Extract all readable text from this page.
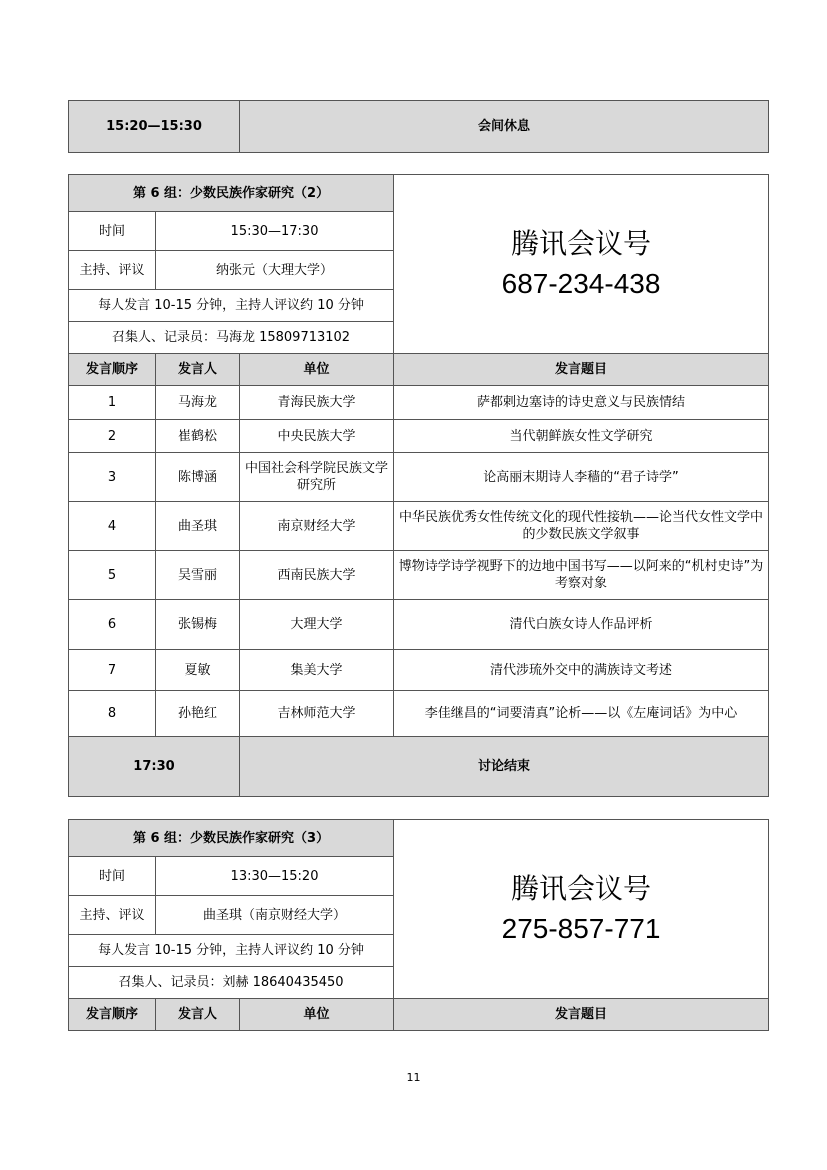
15:20—15:30	会间休息
第 6 组：少数民族作家研究（2）			腾讯会议号
687-234-438

时间	15:30—17:30		
主持、评议	纳张元（大理大学）		
每人发言 10-15 分钟，主持人评议约 10 分钟			
召集人、记录员：马海龙 15809713102			
发言顺序	发言人	单位	发言题目
1	马海龙	青海民族大学	萨都剌边塞诗的诗史意义与民族情结
2	崔鹤松	中央民族大学	当代朝鲜族女性文学研究
3	陈博涵	中国社会科学院民族文学研究所	论高丽末期诗人李穑的“君子诗学”
4	曲圣琪	南京财经大学	中华民族优秀女性传统文化的现代性接轨——论当代女性文学中的少数民族文学叙事
5	吴雪丽	西南民族大学	博物诗学诗学视野下的边地中国书写——以阿来的“机村史诗”为考察对象
6	张锡梅	大理大学	清代白族女诗人作品评析
7	夏敏	集美大学	清代涉琉外交中的满族诗文考述
8	孙艳红	吉林师范大学	李佳继昌的“词要清真”论析——以《左庵词话》为中心
17:30		讨论结束	
第 6 组：少数民族作家研究（3）			腾讯会议号
275-857-771

时间	13:30—15:20		
主持、评议	曲圣琪（南京财经大学）		
每人发言 10-15 分钟，主持人评议约 10 分钟			
召集人、记录员：刘赫 18640435450			
发言顺序	发言人	单位	发言题目
11
